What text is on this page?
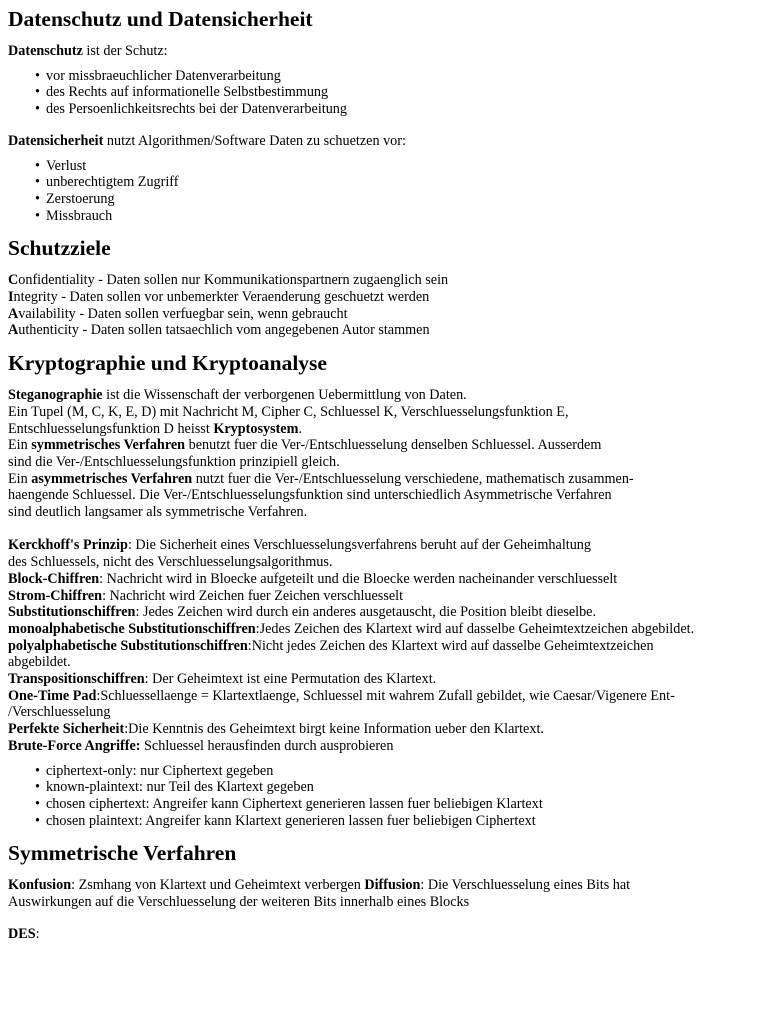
Datenschutz und Datensicherheit

Datenschutz ist der Schutz:

• vor missbraeuchlicher Datenverarbeitung
• des Rechts auf informationelle Selbstbestimmung
• des Persoenlichkeitsrechts bei der Datenverarbeitung

Datensicherheit nutzt Algorithmen/Software Daten zu schuetzen vor:

• Verlust
• unberechtigtem Zugriff
• Zerstoerung
• Missbrauch
Schutzziele

Confidentiality - Daten sollen nur Kommunikationspartnern zugaenglich sein

Integrity - Daten sollen vor unbemerkter Veraenderung geschuetzt werden

Availability - Daten sollen verfuegbar sein, wenn gebraucht

Authenticity - Daten sollen tatsaechlich vom angegebenen Autor stammen

Kryptographie und Kryptoanalyse

Steganographie ist die Wissenschaft der verborgenen Uebermittlung von Daten.

Ein Tupel (M, C, K, E, D) mit Nachricht M, Cipher C, Schluessel K, Verschluesselungsfunktion E,

Entschluesselungsfunktion D heisst Kryptosystem.

Ein symmetrisches Verfahren benutzt fuer die Ver-/Entschluesselung denselben Schluessel. Ausserdem

sind die Ver-/Entschluesselungsfunktion prinzipiell gleich.

Ein asymmetrisches Verfahren nutzt fuer die Ver-/Entschluesselung verschiedene, mathematisch zusammen-

haengende Schluessel. Die Ver-/Entschluesselungsfunktion sind unterschiedlich Asymmetrische Verfahren

sind deutlich langsamer als symmetrische Verfahren.

Kerckhoff's Prinzip: Die Sicherheit eines Verschluesselungsverfahrens beruht auf der Geheimhaltung

des Schluessels, nicht des Verschluesselungsalgorithmus.

Block-Chiffren: Nachricht wird in Bloecke aufgeteilt und die Bloecke werden nacheinander verschluesselt

Strom-Chiffren: Nachricht wird Zeichen fuer Zeichen verschluesselt

Substitutionschiffren: Jedes Zeichen wird durch ein anderes ausgetauscht, die Position bleibt dieselbe.

monoalphabetische Substitutionschiffren:Jedes Zeichen des Klartext wird auf dasselbe Geheimtextzeichen abgebildet.

polyalphabetische Substitutionschiffren:Nicht jedes Zeichen des Klartext wird auf dasselbe Geheimtextzeichen

abgebildet.

Transpositionschiffren: Der Geheimtext ist eine Permutation des Klartext.

One-Time Pad:Schluessellaenge = Klartextlaenge, Schluessel mit wahrem Zufall gebildet, wie Caesar/Vigenere Ent-

/Verschluesselung

Perfekte Sicherheit:Die Kenntnis des Geheimtext birgt keine Information ueber den Klartext.

Brute-Force Angriffe: Schluessel herausfinden durch ausprobieren

• ciphertext-only: nur Ciphertext gegeben
• known-plaintext: nur Teil des Klartext gegeben
• chosen ciphertext: Angreifer kann Ciphertext generieren lassen fuer beliebigen Klartext
• chosen plaintext: Angreifer kann Klartext generieren lassen fuer beliebigen Ciphertext
Symmetrische Verfahren

Konfusion: Zsmhang von Klartext und Geheimtext verbergen Diffusion: Die Verschluesselung eines Bits hat

Auswirkungen auf die Verschluesselung der weiteren Bits innerhalb eines Blocks

DES:
